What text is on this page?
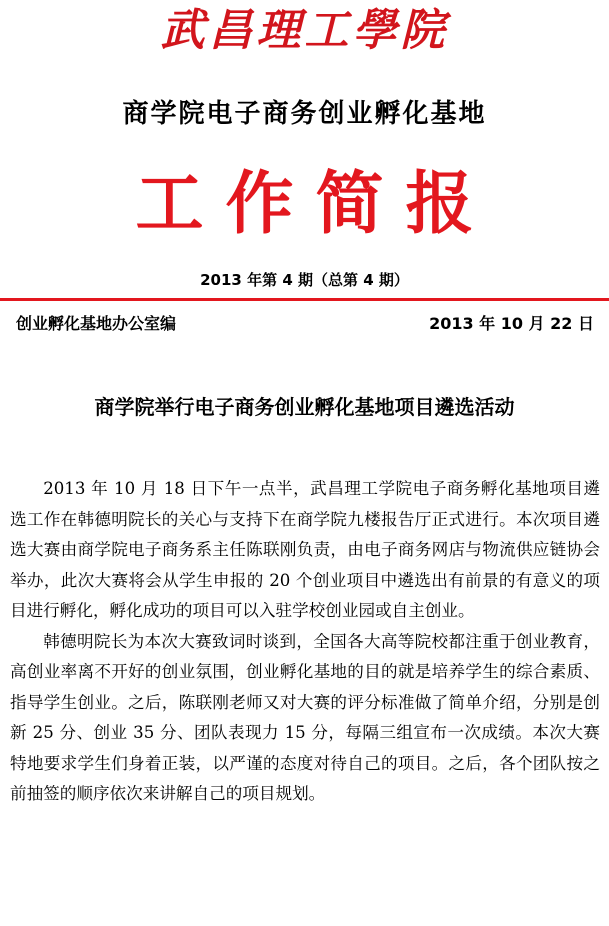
武昌理工學院
商学院电子商务创业孵化基地
工作简报
2013 年第 4 期（总第 4 期）
创业孵化基地办公室编	2013 年 10 月 22 日
商学院举行电子商务创业孵化基地项目遴选活动

2013 年 10 月 18 日下午一点半，武昌理工学院电子商务孵化基地项目遴选工作在韩德明院长的关心与支持下在商学院九楼报告厅正式进行。本次项目遴选大赛由商学院电子商务系主任陈联刚负责，由电子商务网店与物流供应链协会举办，此次大赛将会从学生申报的 20 个创业项目中遴选出有前景的有意义的项目进行孵化，孵化成功的项目可以入驻学校创业园或自主创业。

韩德明院长为本次大赛致词时谈到，全国各大高等院校都注重于创业教育，高创业率离不开好的创业氛围，创业孵化基地的目的就是培养学生的综合素质、指导学生创业。之后，陈联刚老师又对大赛的评分标准做了简单介绍，分别是创新 25 分、创业 35 分、团队表现力 15 分，每隔三组宣布一次成绩。本次大赛特地要求学生们身着正装，以严谨的态度对待自己的项目。之后，各个团队按之前抽签的顺序依次来讲解自己的项目规划。
